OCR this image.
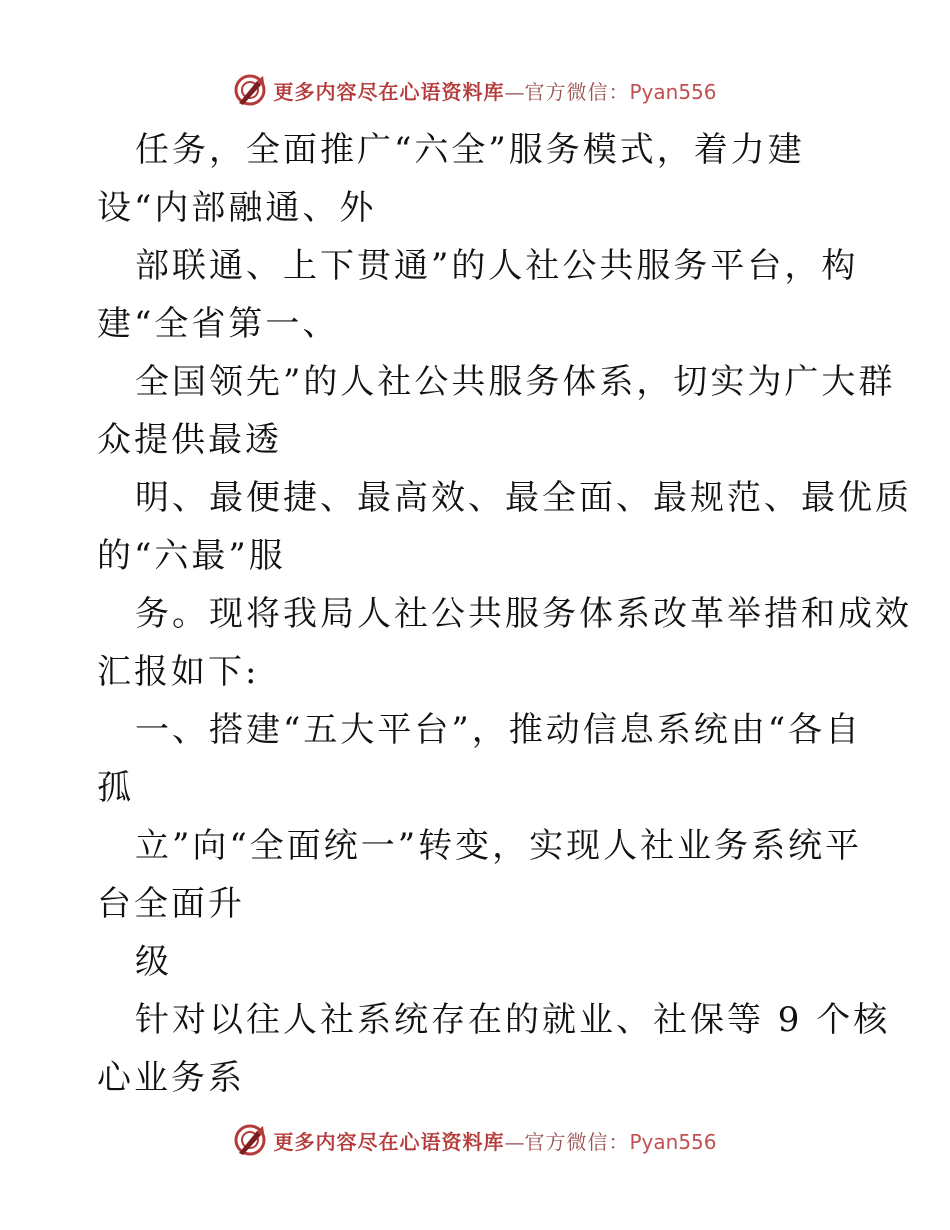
更多内容尽在心语资料库—官方微信：Pyan556
任务，全面推广“六全”服务模式，着力建
设“内部融通、外
部联通、上下贯通”的人社公共服务平台，构
建“全省第一、
全国领先”的人社公共服务体系，切实为广大群
众提供最透
明、最便捷、最高效、最全面、最规范、最优质
的“六最”服
务。现将我局人社公共服务体系改革举措和成效
汇报如下:
一、搭建“五大平台”，推动信息系统由“各自
孤
立”向“全面统一”转变，实现人社业务系统平
台全面升
级
针对以往人社系统存在的就业、社保等 9 个核
心业务系
更多内容尽在心语资料库—官方微信：Pyan556
